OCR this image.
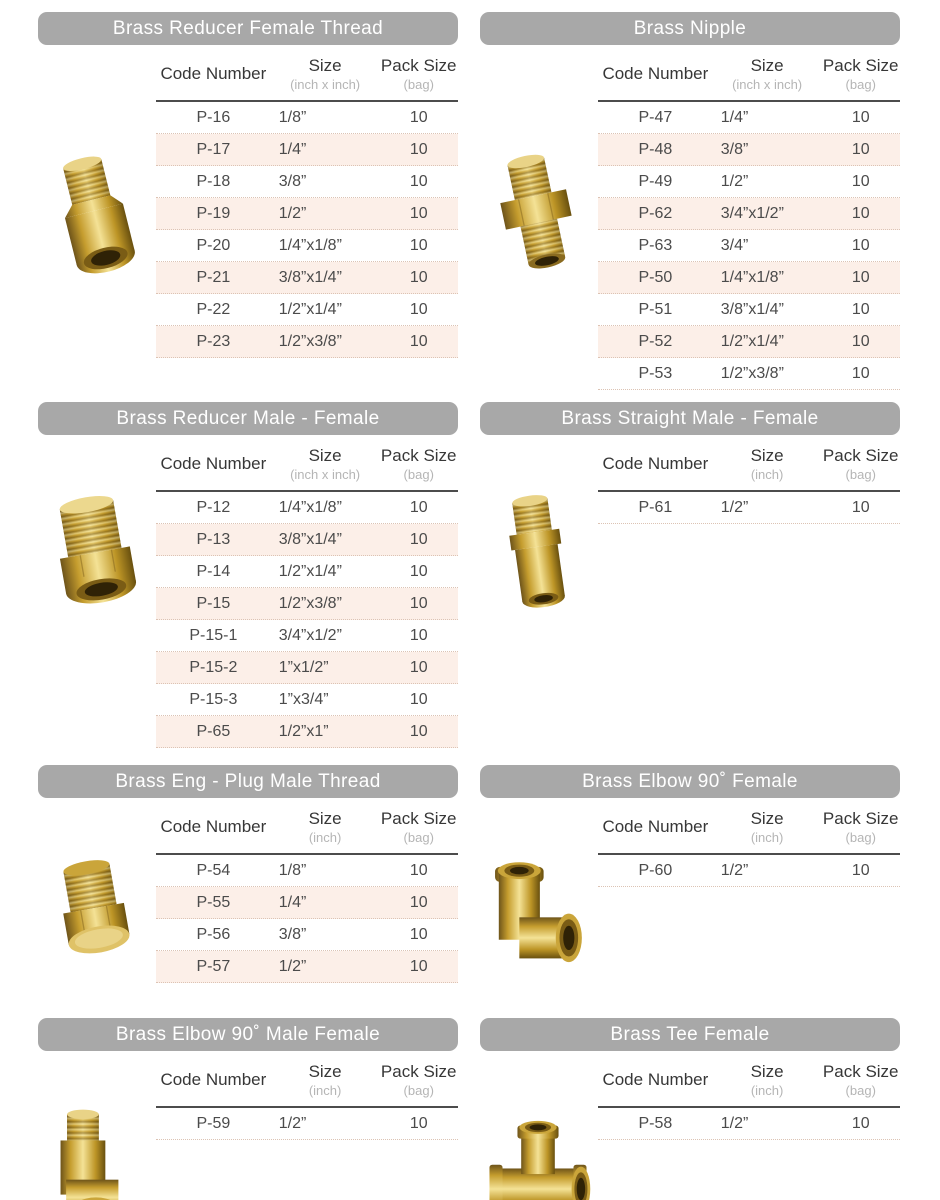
Brass Reducer Female Thread
Code Number Size
(inch x inch)
Pack Size
(bag)
P-16	1/8”	10
P-17	1/4”	10
P-18	3/8”	10
P-19	1/2”	10
P-20	1/4”x1/8”	10
P-21	3/8”x1/4”	10
P-22	1/2”x1/4”	10
P-23	1/2”x3/8”	10
Brass Nipple
Code Number Size
(inch x inch)
Pack Size
(bag)
P-47	1/4”	10
P-48	3/8”	10
P-49	1/2”	10
P-62	3/4”x1/2”	10
P-63	3/4”	10
P-50	1/4”x1/8”	10
P-51	3/8”x1/4”	10
P-52	1/2”x1/4”	10
P-53	1/2”x3/8”	10
Brass Reducer Male - Female
Code Number Size
(inch x inch)
Pack Size
(bag)
P-12	1/4”x1/8”	10
P-13	3/8”x1/4”	10
P-14	1/2”x1/4”	10
P-15	1/2”x3/8”	10
P-15-1	3/4”x1/2”	10
P-15-2	1”x1/2”	10
P-15-3	1”x3/4”	10
P-65	1/2”x1”	10
Brass Straight Male - Female
Code Number Size
(inch)
Pack Size
(bag)
P-61	1/2”	10
Brass Eng - Plug Male Thread
Code Number Size
(inch)
Pack Size
(bag)
P-54	1/8”	10
P-55	1/4”	10
P-56	3/8”	10
P-57	1/2”	10
Brass Elbow 90˚ Female
Code Number Size
(inch)
Pack Size
(bag)
P-60	1/2”	10
Brass Elbow 90˚ Male Female
Code Number Size
(inch)
Pack Size
(bag)
P-59	1/2”	10
Brass Tee Female
Code Number Size
(inch)
Pack Size
(bag)
P-58	1/2”	10
